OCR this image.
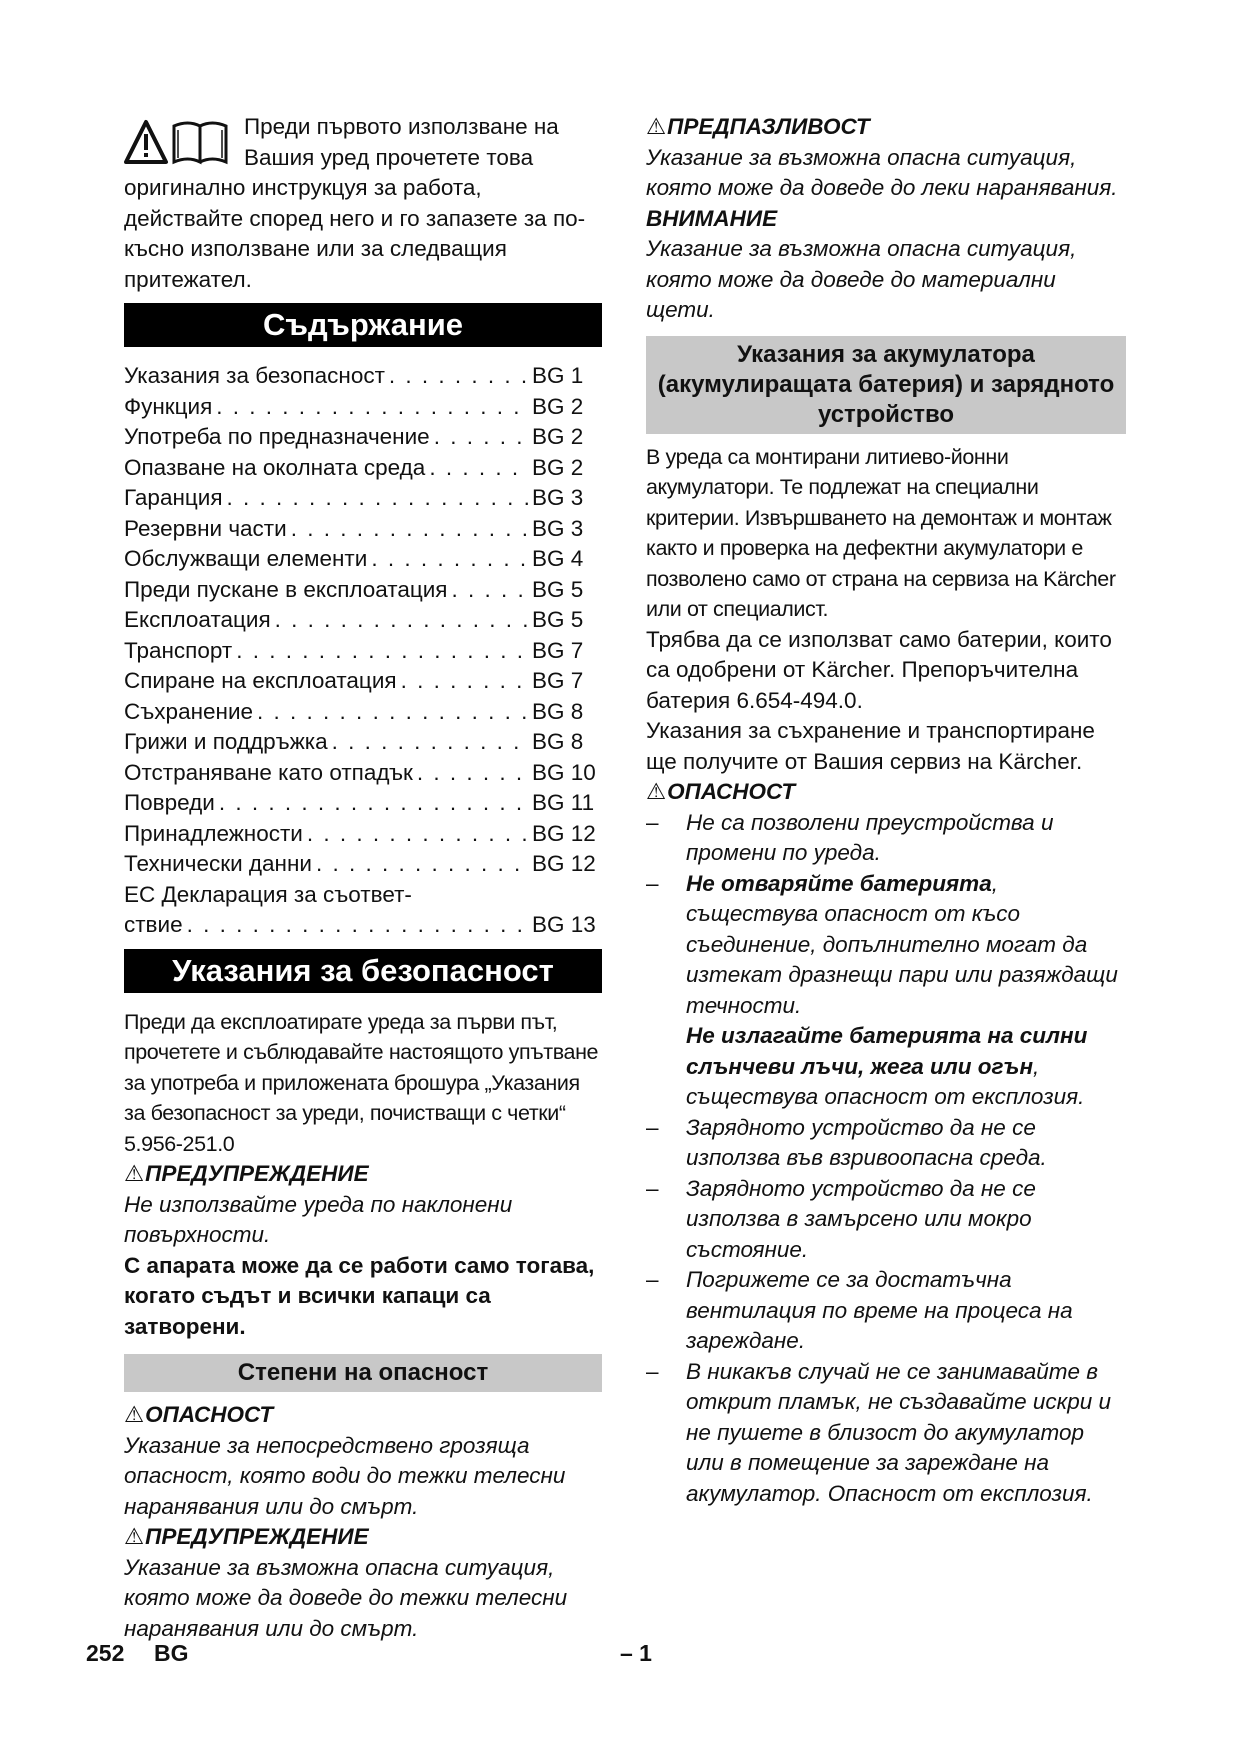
Преди първото използване на

Вашия уред прочетете това

оригинално инструкцуя за работа, действайте според него и го запазете за по-късно използване или за следващия притежател.

Съдържание
Указания за безопасност . . .	BG 1
Функция . . .	BG 2
Употреба по предназначение . . .	BG 2
Опазване на околната среда . . .	BG 2
Гаранция . . .	BG 3
Резервни части . . .	BG 3
Обслужващи елементи . . .	BG 4
Преди пускане в експлоатация . . .	BG 5
Експлоатация . . .	BG 5
Транспорт . . .	BG 7
Спиране на експлоатация . . .	BG 7
Съхранение . . .	BG 8
Грижи и поддръжка . . .	BG 8
Отстраняване като отпадък . . .	BG 10
Повреди . . .	BG 11
Принадлежности . . .	BG 12
Технически данни . . .	BG 12
ЕС Декларация за съответ-
ствие . . .	BG 13
Указания за безопасност

Преди да експлоатирате уреда за първи път, прочетете и съблюдавайте настоящото упътване за употреба и приложената брошура „Указания за безопасност за уреди, почистващи с четки“ 5.956-251.0

⚠ПРЕДУПРЕЖДЕНИЕ

Не използвайте уреда по наклонени повърхности.

С апарата може да се работи само тогава, когато съдът и всички капаци са затворени.

Степени на опасност

⚠ОПАСНОСТ

Указание за непосредствено грозяща опасност, която води до тежки телесни наранявания или до смърт.

⚠ПРЕДУПРЕЖДЕНИЕ

Указание за възможна опасна ситуация, която може да доведе до тежки телесни наранявания или до смърт.

⚠ПРЕДПАЗЛИВОСТ

Указание за възможна опасна ситуация, която може да доведе до леки наранявания.

ВНИМАНИЕ

Указание за възможна опасна ситуация, която може да доведе до материални щети.

Указания за акумулатора (акумулиращата батерия) и зарядното устройство

В уреда са монтирани литиево-йонни акумулатори. Те подлежат на специални критерии. Извършването на демонтаж и монтаж както и проверка на дефектни акумулатори е позволено само от страна на сервиза на Kärcher или от специалист.

Трябва да се използват само батерии, които са одобрени от Kärcher. Препоръчителна батерия 6.654-494.0.

Указания за съхранение и транспортиране ще получите от Вашия сервиз на Kärcher.

⚠ОПАСНОСТ

– Не са позволени преустройства и промени по уреда.
– Не отваряйте батерията, съществува опасност от късо съединение, допълнително могат да изтекат дразнещи пари или разяждащи течности.
Не излагайте батерията на силни слънчеви лъчи, жега или огън, съществува опасност от експлозия.
– Зарядното устройство да не се използва във взривоопасна среда.
– Зарядното устройство да не се използва в замърсено или мокро състояние.
– Погрижете се за достатъчна вентилация по време на процеса на зареждане.
– В никакъв случай не се занимавайте в открит пламък, не създавайте искри и не пушете в близост до акумулатор или в помещение за зареждане на акумулатор. Опасност от експлозия.
252 BG	– 1
